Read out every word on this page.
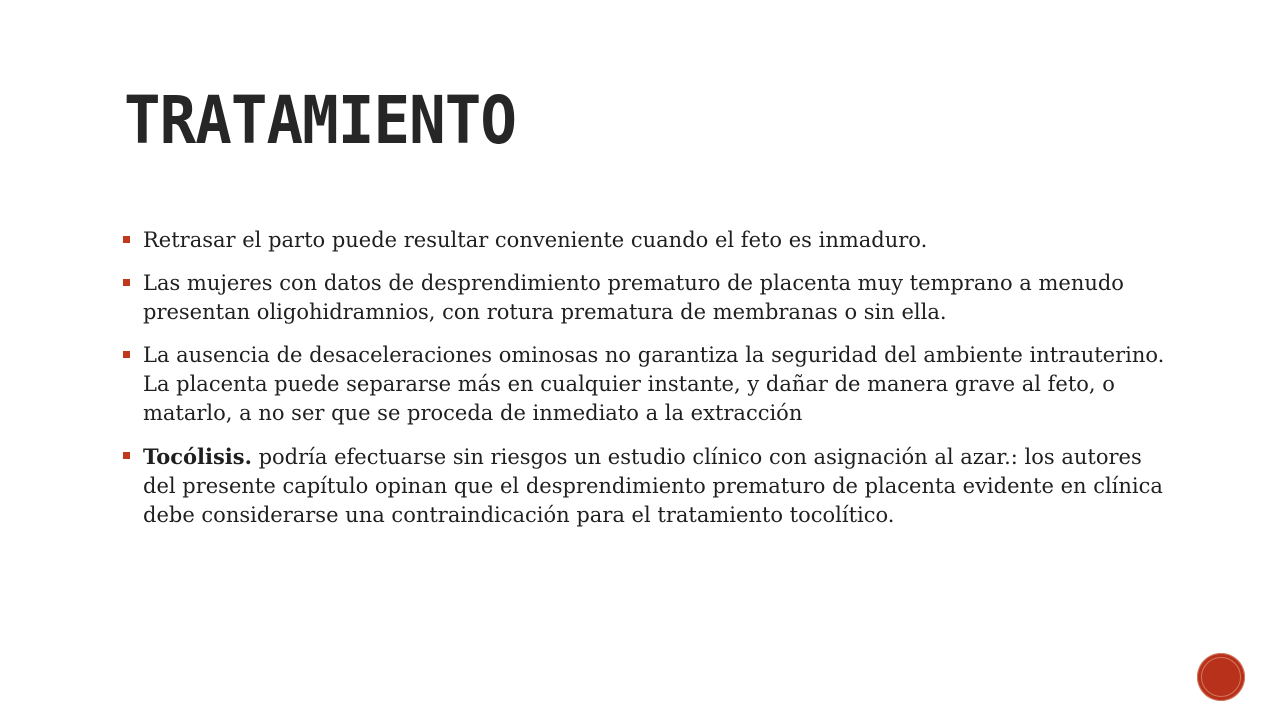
TRATAMIENTO
Retrasar el parto puede resultar conveniente cuando el feto es inmaduro.
Las mujeres con datos de desprendimiento prematuro de placenta muy temprano a menudo presentan oligohidramnios, con rotura prematura de membranas o sin ella.
La ausencia de desaceleraciones ominosas no garantiza la seguridad del ambiente intrauterino. La placenta puede separarse más en cualquier instante, y dañar de manera grave al feto, o matarlo, a no ser que se proceda de inmediato a la extracción
Tocólisis. podría efectuarse sin riesgos un estudio clínico con asignación al azar.: los autores del presente capítulo opinan que el desprendimiento prematuro de placenta evidente en clínica debe considerarse una contraindicación para el tratamiento tocolítico.
